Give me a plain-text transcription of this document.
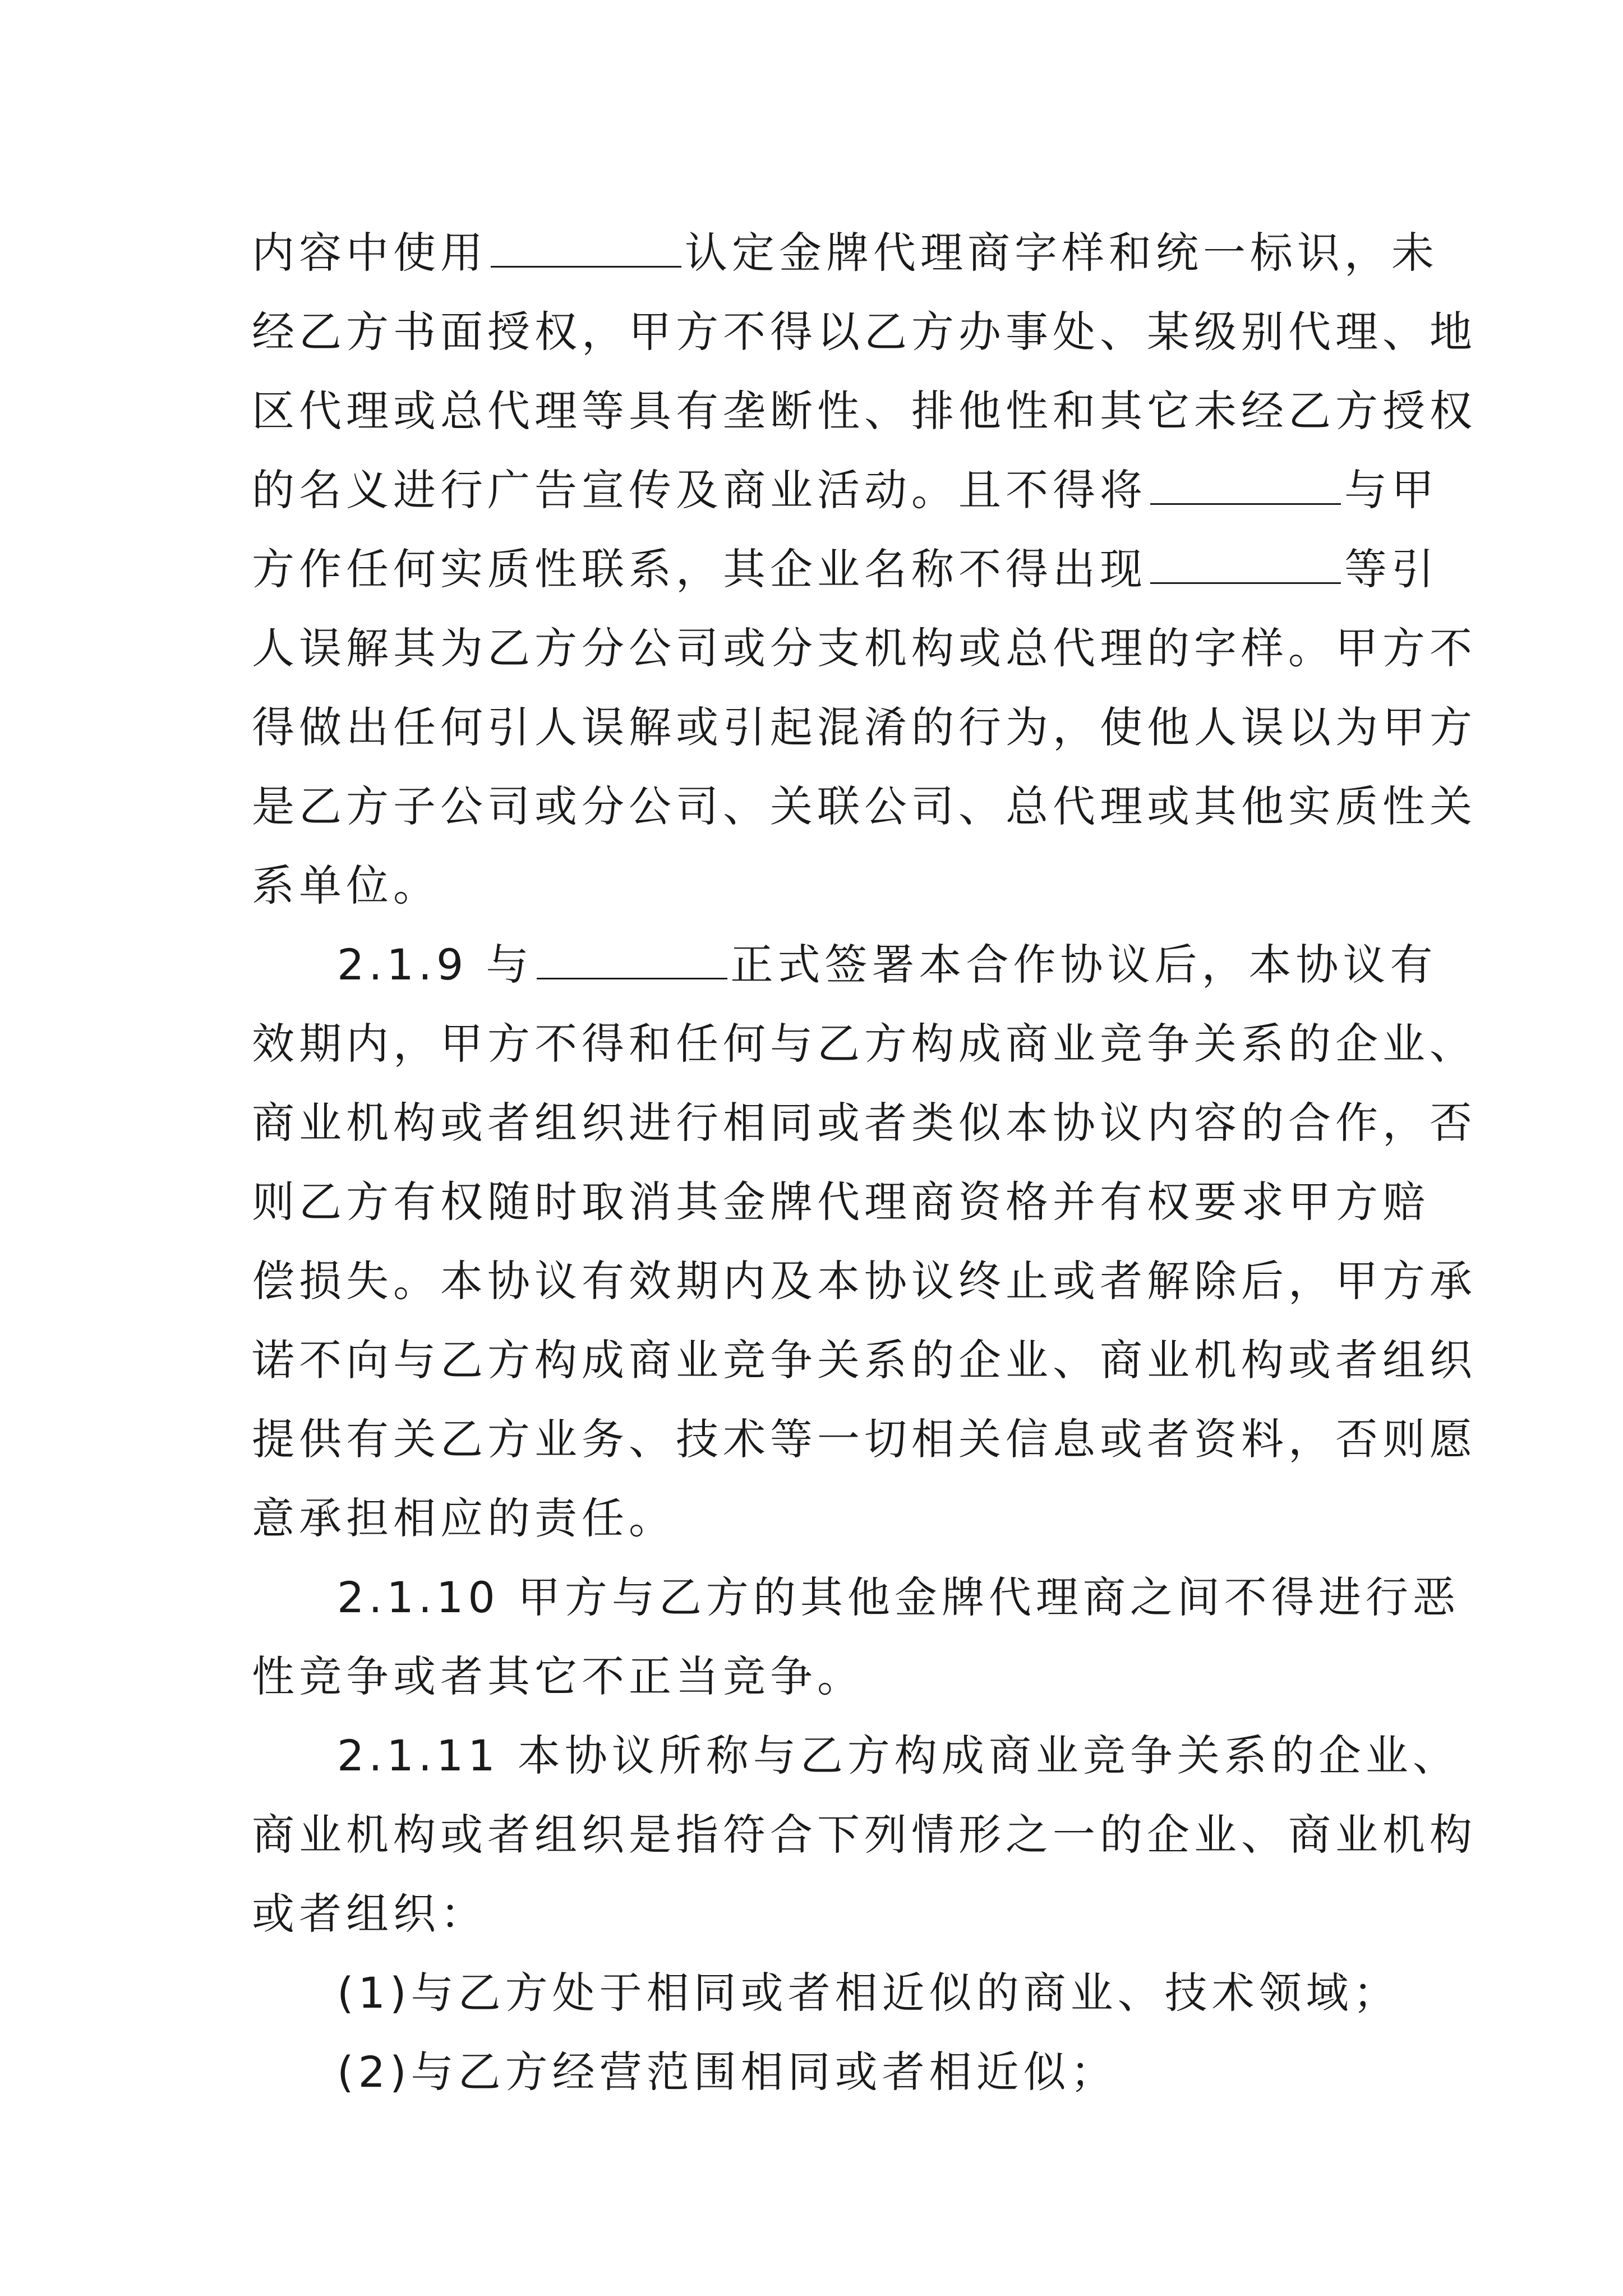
内容中使用	认定金牌代理商字样和统一标识，未
经乙方书面授权，甲方不得以乙方办事处、某级别代理、地
区代理或总代理等具有垄断性、排他性和其它未经乙方授权
的名义进行广告宣传及商业活动。且不得将	与甲
方作任何实质性联系，其企业名称不得出现	等引
人误解其为乙方分公司或分支机构或总代理的字样。甲方不
得做出任何引人误解或引起混淆的行为，使他人误以为甲方
是乙方子公司或分公司、关联公司、总代理或其他实质性关
系单位。
2.1.9 与	正式签署本合作协议后，本协议有
效期内，甲方不得和任何与乙方构成商业竞争关系的企业、
商业机构或者组织进行相同或者类似本协议内容的合作，否
则乙方有权随时取消其金牌代理商资格并有权要求甲方赔
偿损失。本协议有效期内及本协议终止或者解除后，甲方承
诺不向与乙方构成商业竞争关系的企业、商业机构或者组织
提供有关乙方业务、技术等一切相关信息或者资料，否则愿
意承担相应的责任。
2.1.10 甲方与乙方的其他金牌代理商之间不得进行恶
性竞争或者其它不正当竞争。
2.1.11 本协议所称与乙方构成商业竞争关系的企业、
商业机构或者组织是指符合下列情形之一的企业、商业机构
或者组织：
(1)与乙方处于相同或者相近似的商业、技术领域；
(2)与乙方经营范围相同或者相近似；
